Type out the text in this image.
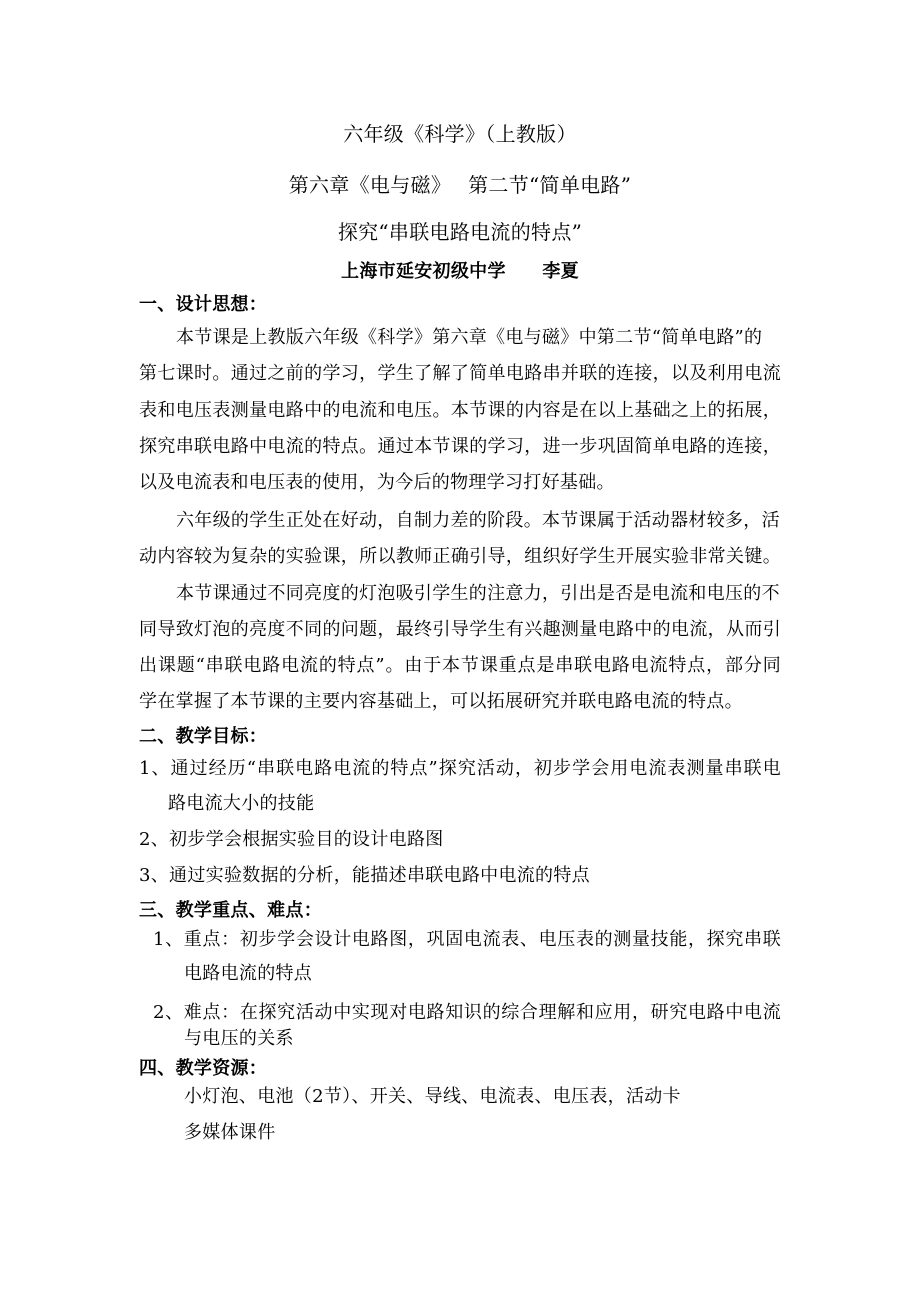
六年级《科学》（上教版）
第六章《电与磁》　 第二节“简单电路”
探究“串联电路电流的特点”
上海市延安初级中学　　李夏
一、设计思想：
本节课是上教版六年级《科学》第六章《电与磁》中第二节“简单电路”的
第七课时。通过之前的学习，学生了解了简单电路串并联的连接，以及利用电流
表和电压表测量电路中的电流和电压。本节课的内容是在以上基础之上的拓展，
探究串联电路中电流的特点。通过本节课的学习，进一步巩固简单电路的连接，
以及电流表和电压表的使用，为今后的物理学习打好基础。
六年级的学生正处在好动，自制力差的阶段。本节课属于活动器材较多，活
动内容较为复杂的实验课，所以教师正确引导，组织好学生开展实验非常关键。
本节课通过不同亮度的灯泡吸引学生的注意力，引出是否是电流和电压的不
同导致灯泡的亮度不同的问题，最终引导学生有兴趣测量电路中的电流，从而引
出课题“串联电路电流的特点”。由于本节课重点是串联电路电流特点，部分同
学在掌握了本节课的主要内容基础上，可以拓展研究并联电路电流的特点。
二、教学目标：
1、通过经历“串联电路电流的特点”探究活动，初步学会用电流表测量串联电
路电流大小的技能
2、初步学会根据实验目的设计电路图
3、通过实验数据的分析，能描述串联电路中电流的特点
三、教学重点、难点：
1、重点：初步学会设计电路图，巩固电流表、电压表的测量技能，探究串联
电路电流的特点
2、难点：在探究活动中实现对电路知识的综合理解和应用，研究电路中电流
与电压的关系
四、教学资源：
小灯泡、电池（2节）、开关、导线、电流表、电压表，活动卡
多媒体课件
